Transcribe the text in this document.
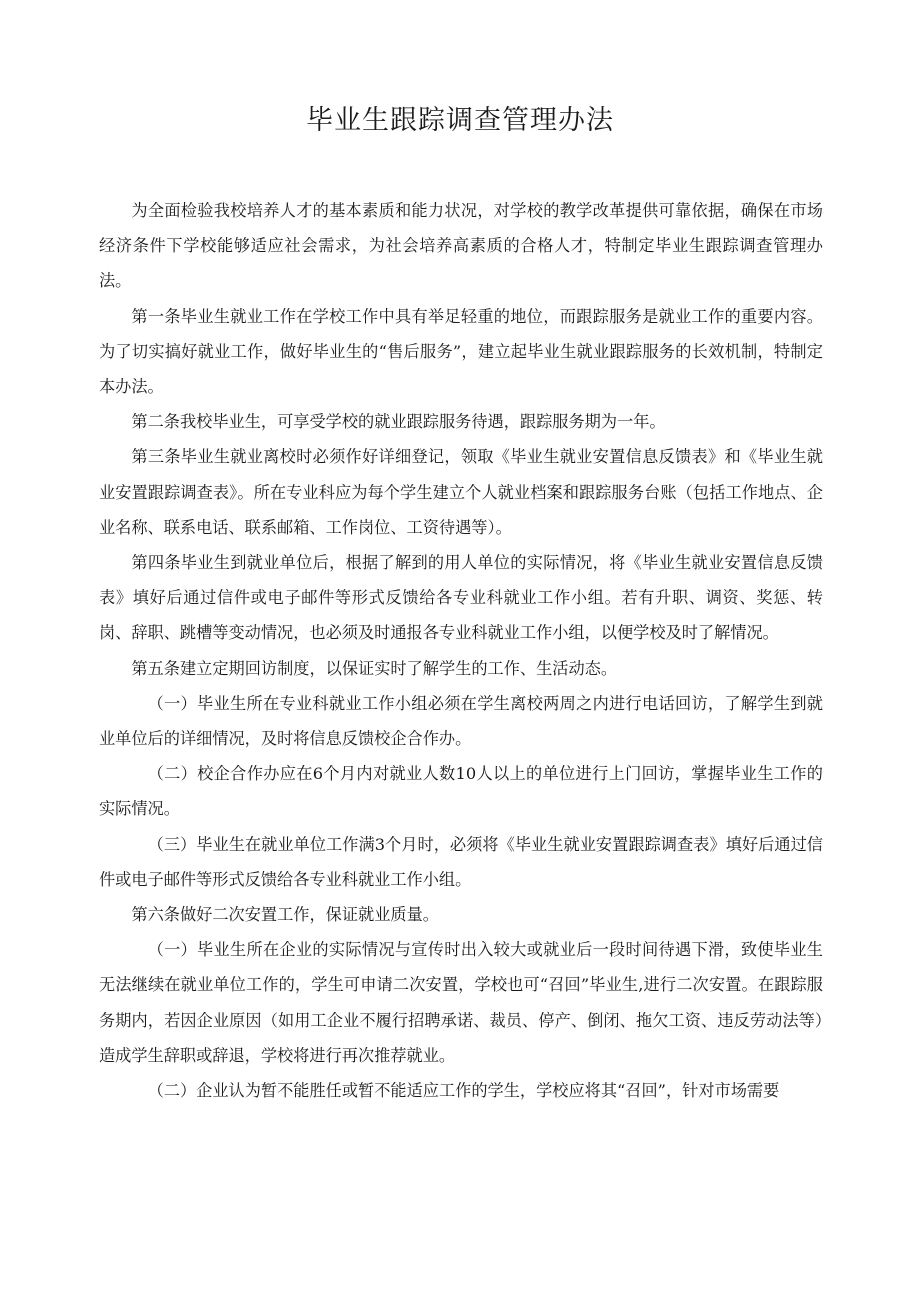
毕业生跟踪调查管理办法

为全面检验我校培养人才的基本素质和能力状况，对学校的教学改革提供可靠依据，确保在市场经济条件下学校能够适应社会需求，为社会培养高素质的合格人才，特制定毕业生跟踪调查管理办法。

第一条毕业生就业工作在学校工作中具有举足轻重的地位，而跟踪服务是就业工作的重要内容。为了切实搞好就业工作，做好毕业生的“售后服务”，建立起毕业生就业跟踪服务的长效机制，特制定本办法。

第二条我校毕业生，可享受学校的就业跟踪服务待遇，跟踪服务期为一年。

第三条毕业生就业离校时必须作好详细登记，领取《毕业生就业安置信息反馈表》和《毕业生就业安置跟踪调查表》。所在专业科应为每个学生建立个人就业档案和跟踪服务台账（包括工作地点、企业名称、联系电话、联系邮箱、工作岗位、工资待遇等）。

第四条毕业生到就业单位后，根据了解到的用人单位的实际情况，将《毕业生就业安置信息反馈表》填好后通过信件或电子邮件等形式反馈给各专业科就业工作小组。若有升职、调资、奖惩、转岗、辞职、跳槽等变动情况，也必须及时通报各专业科就业工作小组，以便学校及时了解情况。

第五条建立定期回访制度，以保证实时了解学生的工作、生活动态。

（一）毕业生所在专业科就业工作小组必须在学生离校两周之内进行电话回访，了解学生到就业单位后的详细情况，及时将信息反馈校企合作办。

（二）校企合作办应在6个月内对就业人数10人以上的单位进行上门回访，掌握毕业生工作的实际情况。

（三）毕业生在就业单位工作满3个月时，必须将《毕业生就业安置跟踪调查表》填好后通过信件或电子邮件等形式反馈给各专业科就业工作小组。

第六条做好二次安置工作，保证就业质量。

（一）毕业生所在企业的实际情况与宣传时出入较大或就业后一段时间待遇下滑，致使毕业生无法继续在就业单位工作的，学生可申请二次安置，学校也可“召回”毕业生,进行二次安置。在跟踪服务期内，若因企业原因（如用工企业不履行招聘承诺、裁员、停产、倒闭、拖欠工资、违反劳动法等）造成学生辞职或辞退，学校将进行再次推荐就业。

（二）企业认为暂不能胜任或暂不能适应工作的学生，学校应将其“召回”，针对市场需要
